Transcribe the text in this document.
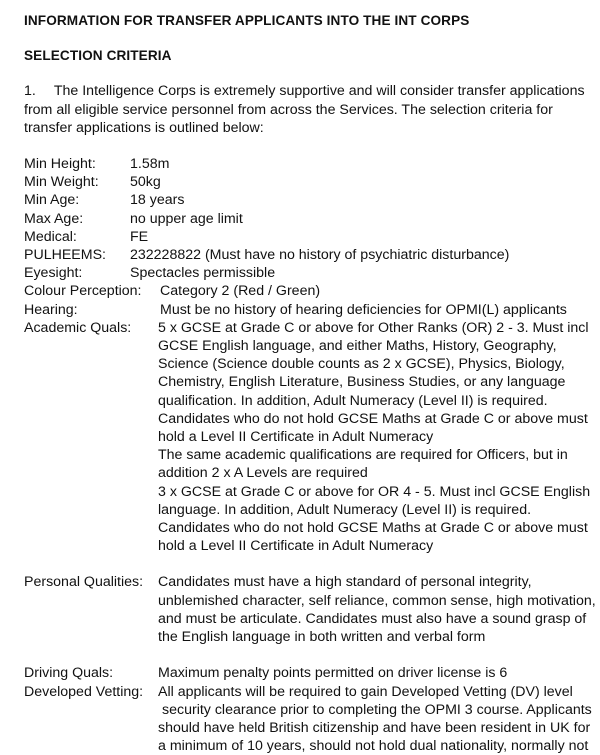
INFORMATION FOR TRANSFER APPLICANTS INTO THE INT CORPS
SELECTION CRITERIA
1. The Intelligence Corps is extremely supportive and will consider transfer applications
from all eligible service personnel from across the Services. The selection criteria for
transfer applications is outlined below:
Min Height:	1.58m
Min Weight:	50kg
Min Age:	18 years
Max Age:	no upper age limit
Medical:	FE
PULHEEMS:	232228822 (Must have no history of psychiatric disturbance)
Eyesight:	Spectacles permissible
Colour Perception:	Category 2 (Red / Green)
Hearing:	Must be no history of hearing deficiencies for OPMI(L) applicants
Academic Quals:	5 x GCSE at Grade C or above for Other Ranks (OR) 2 - 3. Must incl
GCSE English language, and either Maths, History, Geography,
Science (Science double counts as 2 x GCSE), Physics, Biology,
Chemistry, English Literature, Business Studies, or any language
qualification. In addition, Adult Numeracy (Level II) is required.
Candidates who do not hold GCSE Maths at Grade C or above must
hold a Level II Certificate in Adult Numeracy
The same academic qualifications are required for Officers, but in
addition 2 x A Levels are required
3 x GCSE at Grade C or above for OR 4 - 5. Must incl GCSE English
language. In addition, Adult Numeracy (Level II) is required.
Candidates who do not hold GCSE Maths at Grade C or above must
hold a Level II Certificate in Adult Numeracy
Personal Qualities:	Candidates must have a high standard of personal integrity,
unblemished character, self reliance, common sense, high motivation,
and must be articulate. Candidates must also have a sound grasp of
the English language in both written and verbal form
Driving Quals:	Maximum penalty points permitted on driver license is 6
Developed Vetting:	All applicants will be required to gain Developed Vetting (DV) level
security clearance prior to completing the OPMI 3 course. Applicants
should have held British citizenship and have been resident in UK for
a minimum of 10 years, should not hold dual nationality, normally not
